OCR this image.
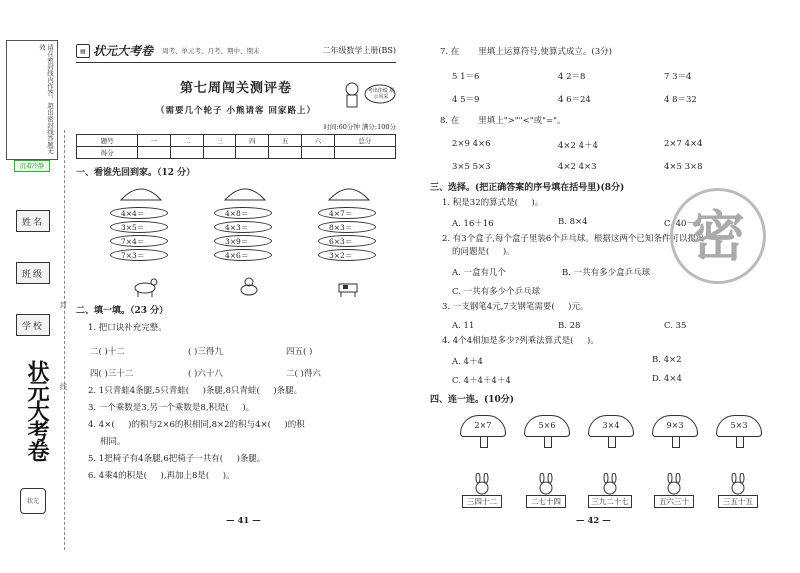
请在密封线内作答，超出密封线答题无效
沉着冷静
姓名
班级
学校
封
线
状元大考卷
状元
▤ 状元大考卷 周考、单元考、月考、期中、期末	二年级数学上册(BS)
第七周闯关测评卷
（需要几个轮子 小熊请客 回家路上）
考出佳绩 展示风采
时间:60分钟 满分:100分
题号	一	二	三	四	五	六	总分
得分							
一、看谁先回到家。（12 分）
4×4＝
3×5＝
7×4＝
7×3＝
4×8＝
4×3＝
3×9＝
4×6＝
4×7＝
8×3＝
6×3＝
3×2＝
二、填一填。（23 分）
1. 把口诀补充完整。
二( )十二	( )三得九	四五( )
四( )三十二	( )六十八	二( )得六
2. 1只青蛙4条腿,5只青蛙(     )条腿,8只青蛙(     )条腿。
3. 一个乘数是3,另一个乘数是8,积是(     )。
4. 4×(     )的积与2×6的积相同,8×2的积与4×(     )的积
相同。
5. 1把椅子有4条腿,6把椅子一共有(     )条腿。
6. 4乘4的积是(     ),再加上8是(     )。
— 41 —
7. 在       里填上运算符号,使算式成立。(3分)
5 1＝6	4 2＝8	7 3＝4
4 5＝9	4 6＝24	4 8＝32
8. 在       里填上">""<"或"="。
2×9 4×6	4×2 4＋4	2×7 4×4
3×5 5×3	4×2 4×3	4×5 3×8
三、选择。(把正确答案的序号填在括号里)(8分)
1. 积是32的算式是(     )。
A. 16＋16	B. 8×4	C. 40－8
2. 有3个盒子,每个盒子里装6个乒乓球。根据这两个已知条件可以提出
的问题是(     )。
A. 一盒有几个	B. 一共有多少盒乒乓球
C. 一共有多少个乒乓球
3. 一支钢笔4元,7支钢笔需要(     )元。
A. 11	B. 28	C. 35
4. 4个4相加是多少?列乘法算式是(     )。
A. 4＋4	B. 4×2
C. 4＋4＋4＋4	D. 4×4
四、连一连。(10分)
2×7	5×6	3×4	9×3	5×3
三四十二	二七十四	三九二十七	五六三十	三五十五
密
— 42 —
